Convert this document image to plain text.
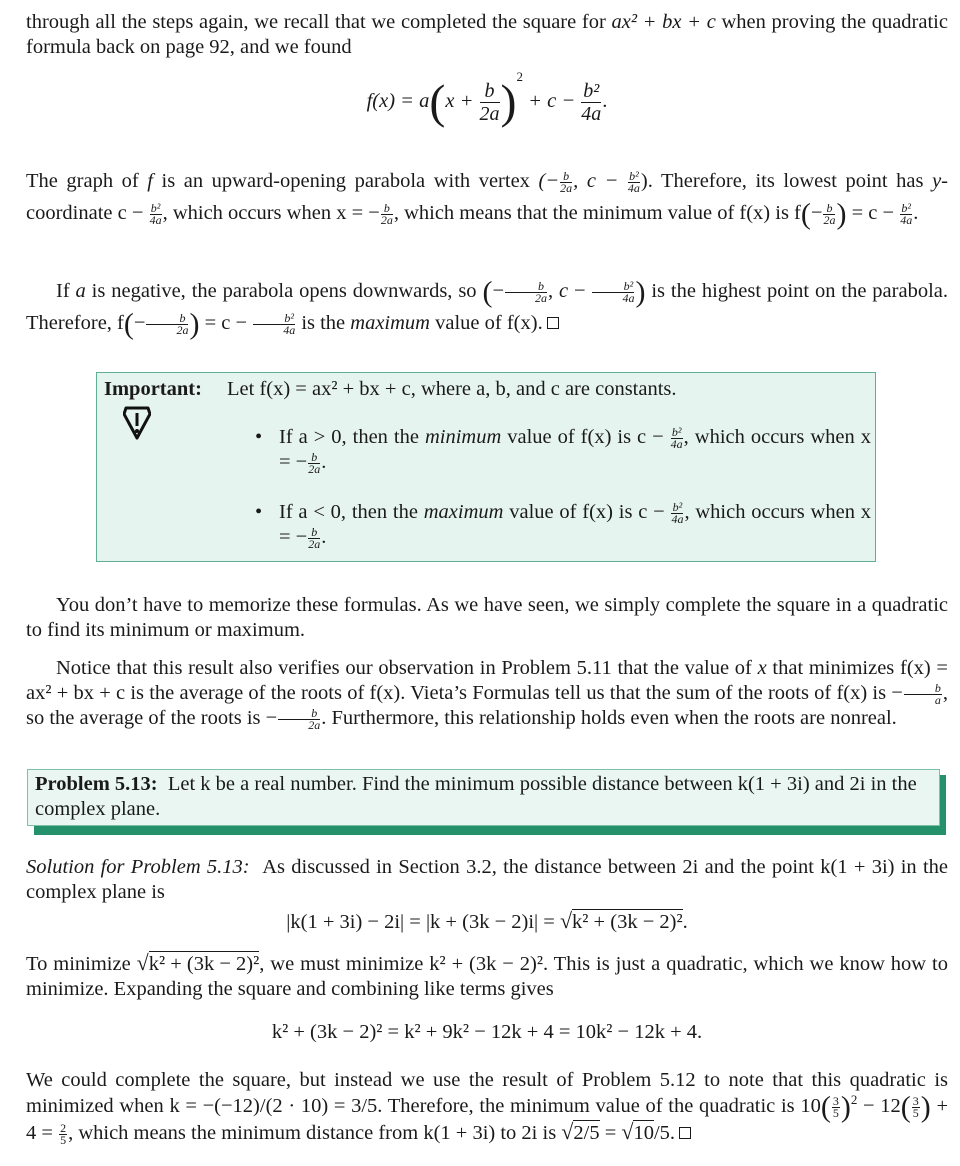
through all the steps again, we recall that we completed the square for ax² + bx + c when proving the quadratic formula back on page 92, and we found

$f(x) = a(x + \frac{b}{2a} )^2 + c - \frac{\text{b²}}{4a}$ .

The graph of f is an upward-opening parabola with vertex (− $\frac{b}{2a}$ , $c - \frac{\text{b²}}{4a}$ ). Therefore, its lowest point has y-coordinate $c - \frac{\text{b²}}{4a}$ , which occurs when x = − $\frac{b}{2a}$ , which means that the minimum value of f(x) is $f(- \frac{b}{2a}$ ) = $c - \frac{\text{b²}}{4a}$ .

If a is negative, the parabola opens downwards, so (− $\frac{b}{2a}$ , $c - \frac{\text{b²}}{4a}$ ) is the highest point on the parabola. Therefore, $f(- \frac{b}{2a}$ ) = $c - \frac{\text{b²}}{4a}$ is the maximum value of f(x).

Important: Let f(x) = ax² + bx + c, where a, b, and c are constants.
• If a > 0, then the minimum value of f(x) is $c - \frac{\text{b²}}{4a}$ , which occurs when x = − $\frac{b}{2a}$ .
• If a < 0, then the maximum value of f(x) is $c - \frac{\text{b²}}{4a}$ , which occurs when x = − $\frac{b}{2a}$ .

You don’t have to memorize these formulas. As we have seen, we simply complete the square in a quadratic to find its minimum or maximum.

Notice that this result also verifies our observation in Problem 5.11 that the value of x that minimizes f(x) = ax² + bx + c is the average of the roots of f(x). Vieta’s Formulas tell us that the sum of the roots of f(x) is − $\frac{b}{a}$ , so the average of the roots is − $\frac{b}{2a}$ . Furthermore, this relationship holds even when the roots are nonreal.

Problem 5.13: Let k be a real number. Find the minimum possible distance between k(1 + 3i) and 2i in the complex plane.

Solution for Problem 5.13: As discussed in Section 3.2, the distance between 2i and the point k(1 + 3i) in the complex plane is

|k(1 + 3i) − 2i| = |k + (3k − 2)i| = √k² + (3k − 2)².

To minimize √k² + (3k − 2)², we must minimize k² + (3k − 2)². This is just a quadratic, which we know how to minimize. Expanding the square and combining like terms gives

k² + (3k − 2)² = k² + 9k² − 12k + 4 = 10k² − 12k + 4.

We could complete the square, but instead we use the result of Problem 5.12 to note that this quadratic is minimized when k = −(−12)/(2 · 10) = 3/5. Therefore, the minimum value of the quadratic is $10( \frac{3}{5} )^2 - 12( \frac{3}{5}$ ) + $4 = \frac{2}{5}$ , which means the minimum distance from k(1 + 3i) to 2i is √2/5 = √10/5.
